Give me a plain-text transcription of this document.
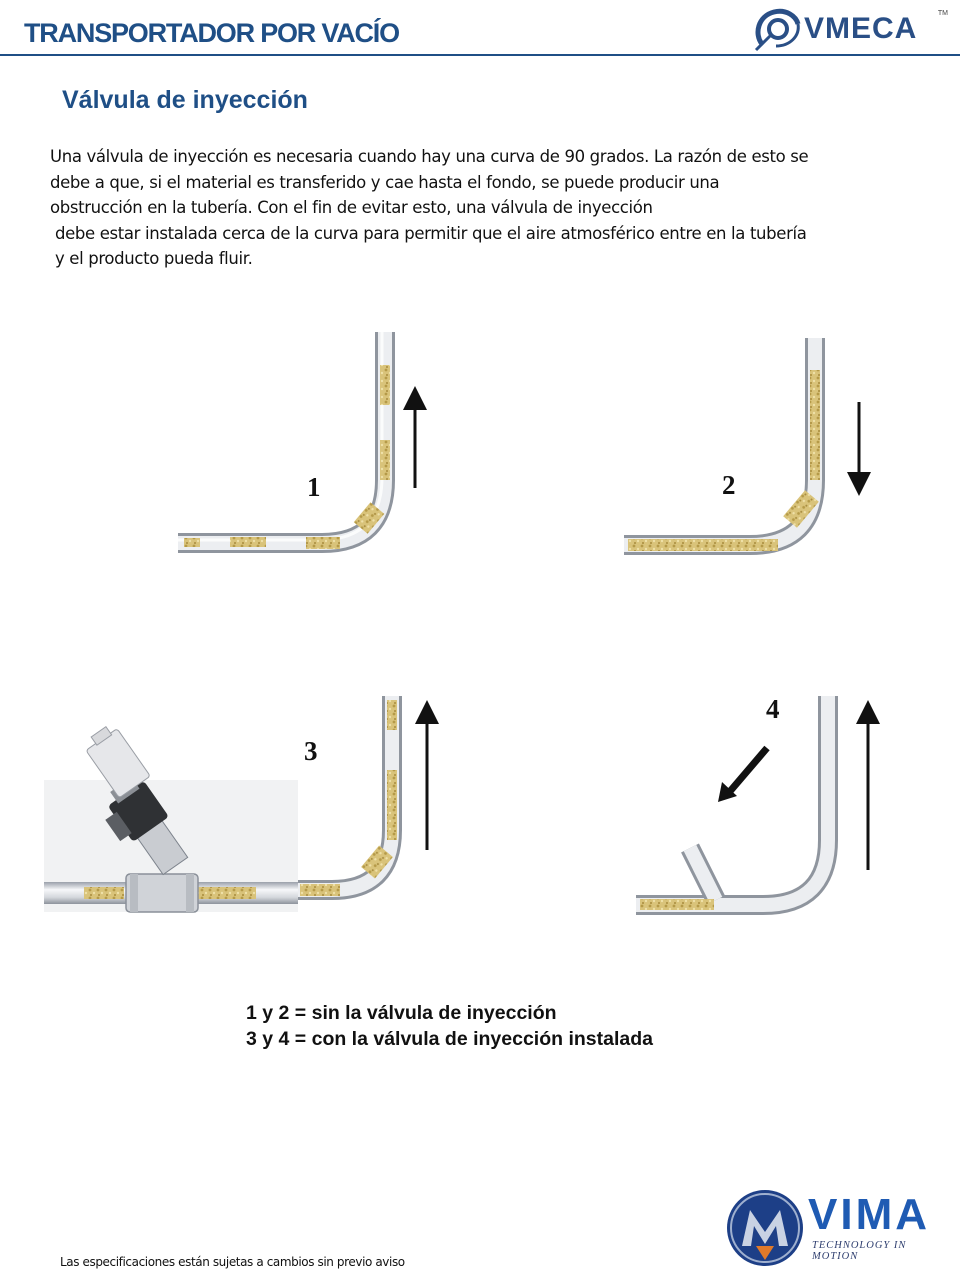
TRANSPORTADOR POR VACÍO	VMECA	TM
Válvula de inyección
Una válvula de inyección es necesaria cuando hay una curva de 90 grados. La razón de esto se
debe a que, si el material es transferido y cae hasta el fondo, se puede producir una
obstrucción en la tubería. Con el fin de evitar esto, una válvula de inyección
debe estar instalada cerca de la curva para permitir que el aire atmosférico entre en la tubería
y el producto pueda fluir.
1	2
3
4
1 y 2 = sin la válvula de inyección
3 y 4 = con la válvula de inyección instalada
Las especificaciones están sujetas a cambios sin previo aviso
VIMA
TECHNOLOGY IN MOTION
